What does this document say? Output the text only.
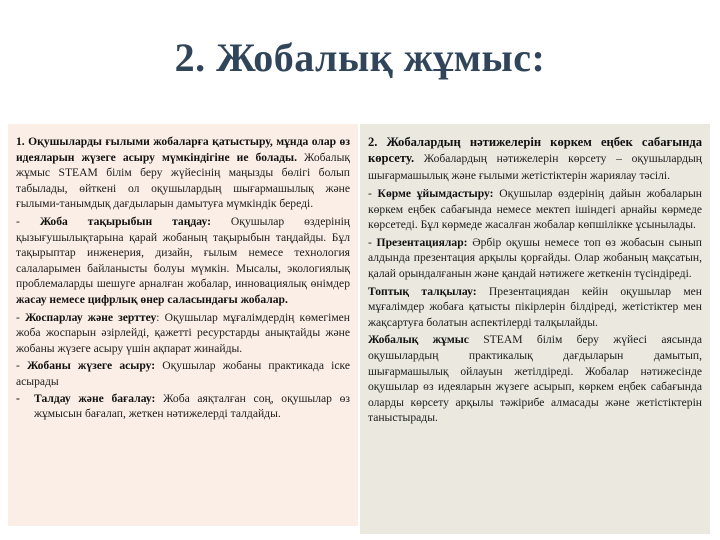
2. Жобалық жұмыс:

1. Оқушыларды ғылыми жобаларға қатыстыру, мұнда олар өз идеяларын жүзеге асыру мүмкіндігіне ие болады. Жобалық жұмыс STEAM білім беру жүйесінің маңызды бөлігі болып табылады, өйткені ол оқушылардың шығармашылық және ғылыми-танымдық дағдыларын дамытуға мүмкіндік береді.

- Жоба тақырыбын таңдау: Оқушылар өздерінің қызығушылықтарына қарай жобаның тақырыбын таңдайды. Бұл тақырыптар инженерия, дизайн, ғылым немесе технология салаларымен байланысты болуы мүмкін. Мысалы, экологиялық проблемаларды шешуге арналған жобалар, инновациялық өнімдер жасау немесе цифрлық өнер саласындағы жобалар.

- Жоспарлау және зерттеу: Оқушылар мұғалімдердің көмегімен жоба жоспарын әзірлейді, қажетті ресурстарды анықтайды және жобаны жүзеге асыру үшін ақпарат жинайды.

- Жобаны жүзеге асыру: Оқушылар жобаны практикада іске асырады

-	Талдау және бағалау: Жоба аяқталған соң, оқушылар өз жұмысын бағалап, жеткен нәтижелерді талдайды.

2. Жобалардың нәтижелерін көркем еңбек сабағында көрсету. Жобалардың нәтижелерін көрсету – оқушылардың шығармашылық және ғылыми жетістіктерін жариялау тәсілі.

- Көрме ұйымдастыру: Оқушылар өздерінің дайын жобаларын көркем еңбек сабағында немесе мектеп ішіндегі арнайы көрмеде көрсетеді. Бұл көрмеде жасалған жобалар көпшілікке ұсынылады.

- Презентациялар: Әрбір оқушы немесе топ өз жобасын сынып алдында презентация арқылы қорғайды. Олар жобаның мақсатын, қалай орындалғанын және қандай нәтижеге жеткенін түсіндіреді.

Топтық талқылау: Презентациядан кейін оқушылар мен мұғалімдер жобаға қатысты пікірлерін білдіреді, жетістіктер мен жақсартуға болатын аспектілерді талқылайды.

Жобалық жұмыс STEAM білім беру жүйесі аясында оқушылардың практикалық дағдыларын дамытып, шығармашылық ойлауын жетілдіреді. Жобалар нәтижесінде оқушылар өз идеяларын жүзеге асырып, көркем еңбек сабағында оларды көрсету арқылы тәжірибе алмасады және жетістіктерін таныстырады.
